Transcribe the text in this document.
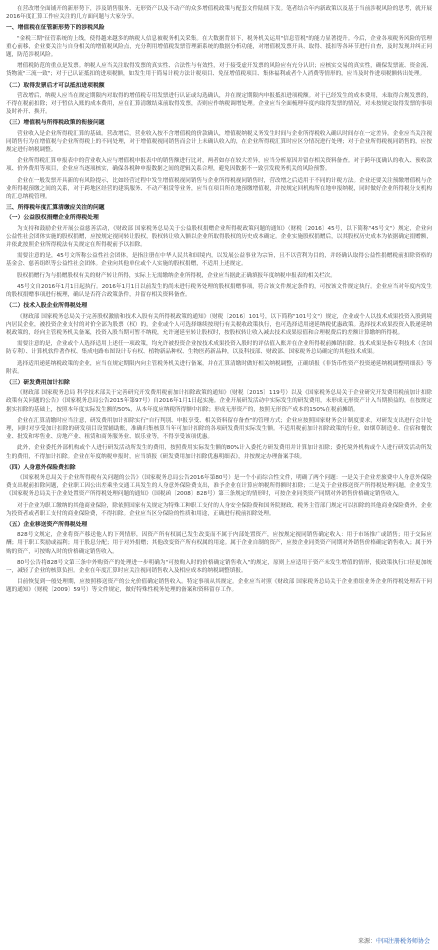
在营改增全面铺开的新形势下，涉及销售服务、无形资产以及不动产的众多增值税政策与配套文件陆续下发。笔者结合年内新政策以及基于当前涉税风险的思考，就开展2016年度汇算工作应关注的几方面问题与大家分享。

一、增值税在征管新形势下的涉税风险

"金税三期"征管系统的上线，使得越来越多的纳税人信息被税务机关采集。在大数据背景下，税务机关运用"信息管税"的能力显著提升。今后，企业各项税务风险的管理重心前移，企业要关注与自身相关的增值税风险点，充分利用增值税发票管理新系统的数据分析功能，对增值税发票开具、取得、抵扣等各环节进行自查，及时发现并纠正问题，防范涉税风险。

增值税防范的重点是发票。纳税人应当关注取得发票的真实性、合法性与有效性，对于接受虚开发票的风险应有充分认识；应核实交易的真实性，确保发票流、资金流、货物流"三流一致"；对于已认证抵扣的进项税额，如发生用于简易计税方法计税项目、免征增值税项目、集体福利或者个人消费等情形的，应当及时作进项税额转出处理。

（二）取得发票后才可以抵扣进项税额

营改增后，纳税人应当在规定期限内对取得的增值税专用发票进行认证或勾选确认，并在规定期限内申报抵扣进项税额。对于已经发生的成本费用，未取得合规发票的，不得在税前扣除；对于暂估入账的成本费用，应在汇算清缴结束前取得发票，否则应作纳税调增处理。企业应当全面梳理年度内取得发票的情况，对未按规定取得发票的事项及时补开、换开。

（三）增值税与所得税政策的衔接问题

营业收入是企业所得税汇算的基础。营改增后，营业收入按不含增值税的价款确认，增值税纳税义务发生时间与企业所得税收入确认时间存在一定差异。企业应当关注视同销售行为在增值税与企业所得税上的不同处理，对于增值税视同销售而会计上未确认收入的，在企业所得税汇算时应区分情况进行处理；对于企业所得税视同销售的，应按规定进行纳税调整。

企业所得税汇算申报表中的营业收入应与增值税申报表中的销售额进行比对，两者如存在较大差异，应当分析原因并留存相关资料备查。对于跨年度确认的收入、预收款项、价外费用等项目，企业应当逐项核实，确保各税种申报数据之间的逻辑关系合理，避免因数据不一致引发税务机关的风险预警。

企业在一般发票开具新的有风险提示，比如经营过程中发生增值税视同销售与企业所得税视同销售时，营改增之后适用于不同的计税方法。企业还要关注预缴增值税与企业所得税预缴之间的关系，对于跨地区经营的建筑服务、不动产租赁等业务，应当在项目所在地预缴增值税，并按规定回机构所在地申报纳税，同时做好企业所得税分支机构的汇总纳税管理。

三、所得税年度汇算清缴应关注的问题
（一）公益股权捐赠企业所得税处理

为支持和鼓励企业开展公益慈善活动，《财政部 国家税务总局关于公益股权捐赠企业所得税政策问题的通知》（财税〔2016〕45号，以下简称"45号文"）规定，企业向公益性社会团体实施的股权捐赠，应按规定视同转让股权，股权转让收入额以企业所取得股权的历史成本确定。企业实施股权捐赠后，以其股权历史成本为依据确定捐赠额，并依此按照企业所得税法有关规定在所得税前予以扣除。

需要注意的是，45号文所称公益性社会团体，是指注册在中华人民共和国境内，以发展公益事业为宗旨，且不以营利为目的，并经确认取得公益性捐赠税前扣除资格的基金会、慈善组织等公益性社会团体。企业向其他单位或个人实施的股权捐赠，不适用上述规定。

股权捐赠行为与捐赠股权有关的财产转让所得，实际上无需缴纳企业所得税，企业应当据此正确填报年度纳税申报表的相关栏次。

45号文自2016年1月1日起执行。2016年1月1日以前发生的尚未进行税务处理的股权捐赠事项，符合该文件规定条件的，可按该文件规定执行。企业应当对年度内发生的股权捐赠事项进行梳理，确认是否符合政策条件，并留存相关资料备查。

（二）技术入股企业所得税处理

《财政部 国家税务总局关于完善股权激励和技术入股有关所得税政策的通知》（财税〔2016〕101号，以下简称"101号文"）规定，企业或个人以技术成果投资入股到境内居民企业，被投资企业支付的对价全部为股票（权）的，企业或个人可选择继续按现行有关税收政策执行，也可选择适用递延纳税优惠政策。选择技术成果投资入股递延纳税政策的，经向主管税务机关备案，投资入股当期可暂不纳税，允许递延至转让股权时，按股权转让收入减去技术成果原值和合理税费后的差额计算缴纳所得税。

需要注意的是，企业或个人选择适用上述任一项政策，均允许被投资企业按技术成果投资入股时的评估值入账并在企业所得税前摊销扣除。技术成果是指专利技术（含国防专利）、计算机软件著作权、集成电路布图设计专有权、植物新品种权、生物医药新品种，以及科技部、财政部、国家税务总局确定的其他技术成果。

选择适用递延纳税政策的企业，应当在规定期限内向主管税务机关进行备案，并在汇算清缴时做好相关纳税调整，正确填报《非货币性资产投资递延纳税调整明细表》等附表。

（三）研发费用加计扣除

《财政部 国家税务总局 科学技术部关于完善研究开发费用税前加计扣除政策的通知》（财税〔2015〕119号）以及《国家税务总局关于企业研究开发费用税前加计扣除政策有关问题的公告》（国家税务总局公告2015年第97号）自2016年1月1日起实施。企业开展研发活动中实际发生的研发费用，未形成无形资产计入当期损益的，在按规定据实扣除的基础上，按照本年度实际发生额的50%，从本年度应纳税所得额中扣除；形成无形资产的，按照无形资产成本的150%在税前摊销。

企业在汇算清缴时应当注意，研发费用加计扣除实行"自行判别、申报享受、相关资料留存备查"的管理方式；企业应按照国家财务会计制度要求，对研发支出进行会计处理，同时对享受加计扣除的研发项目设置辅助账，准确归集核算当年可加计扣除的各项研发费用实际发生额。不适用税前加计扣除政策的行业，如烟草制造业、住宿和餐饮业、批发和零售业、房地产业、租赁和商务服务业、娱乐业等，不得享受该项优惠。

此外，企业委托外部机构或个人进行研发活动所发生的费用，按照费用实际发生额的80%计入委托方研发费用并计算加计扣除；委托境外机构或个人进行研发活动所发生的费用，不得加计扣除。企业在年度纳税申报时，应当填报《研发费用加计扣除优惠明细表》，并按规定办理备案手续。

（四）人身意外保险费扣除

《国家税务总局关于企业所得税有关问题的公告》（国家税务总局公告2016年第80号）是一个小而综合性文件，明确了两个问题：一是关于企业差旅费中人身意外保险费支出税前扣除问题，企业职工因公出差乘坐交通工具发生的人身意外保险费支出，准予企业在计算应纳税所得额时扣除；二是关于企业移送资产所得税处理问题，企业发生《国家税务总局关于企业处置资产所得税处理问题的通知》（国税函〔2008〕828号）第三条规定的情形时，可按企业同类资产同期对外销售价格确定销售收入。

对于企业为职工缴纳的其他商业保险，除依照国家有关规定为特殊工种职工支付的人身安全保险费和国务院财政、税务主管部门规定可以扣除的其他商业保险费外，企业为投资者或者职工支付的商业保险费，不得扣除。企业应当区分保险的性质和用途，正确进行税前扣除处理。

（五）企业移送资产所得税处理

828号文规定，企业将资产移送他人的下列情形，因资产所有权属已发生改变而不属于内部处置资产，应按规定视同销售确定收入：用于市场推广或销售；用于交际应酬；用于职工奖励或福利；用于股息分配；用于对外捐赠；其他改变资产所有权属的用途。属于企业自制的资产，应按企业同类资产同期对外销售价格确定销售收入；属于外购的资产，可按购入时的价格确定销售收入。

80号公告将828号文第三条中外购资产的处理进一步明确为"可按购入时的价格确定销售收入"的规定，原则上应适用于资产未发生增值的情形，使政策执行口径更加统一，减轻了企业的核算负担。企业在年度汇算时应关注视同销售收入及相应成本的纳税调整填报。

目前恢复到一般处理期，应按照移送资产的公允价值确定销售收入。特定事项从其规定。企业应当对照《财政部 国家税务总局关于企业重组业务企业所得税处理若干问题的通知》（财税〔2009〕59号）等文件规定，做好特殊性税务处理的备案和资料留存工作。

来源：中国注册税务师协会
